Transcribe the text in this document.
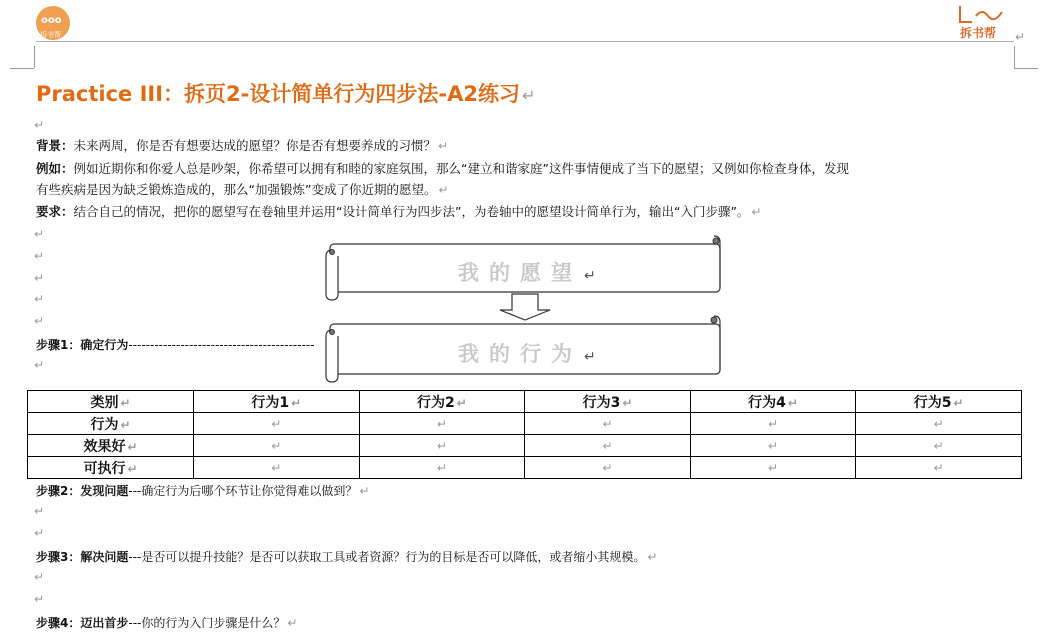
ooo
拆书帮	拆书帮 ↵
Practice III：拆页2-设计简单行为四步法-A2练习 ↵
↵
背景：未来两周，你是否有想要达成的愿望？你是否有想要养成的习惯？ ↵
例如：例如近期你和你爱人总是吵架，你希望可以拥有和睦的家庭氛围，那么“建立和谐家庭”这件事情便成了当下的愿望；又例如你检查身体，发现
有些疾病是因为缺乏锻炼造成的，那么“加强锻炼”变成了你近期的愿望。 ↵
要求：结合自己的情况，把你的愿望写在卷轴里并运用“设计简单行为四步法”，为卷轴中的愿望设计简单行为，输出“入门步骤”。 ↵
↵
↵
↵
↵
↵
我的愿望 ↵
我的行为 ↵
步骤1：确定行为-------------------------------------------
↵
类别 ↵	行为1 ↵	行为2 ↵	行为3 ↵	行为4 ↵	行为5 ↵
行为 ↵	↵	↵	↵	↵	↵
效果好 ↵	↵	↵	↵	↵	↵
可执行 ↵	↵	↵	↵	↵	↵
步骤2：发现问题---确定行为后哪个环节让你觉得难以做到？ ↵
↵
↵
步骤3：解决问题---是否可以提升技能？是否可以获取工具或者资源？行为的目标是否可以降低，或者缩小其规模。 ↵
↵
↵
步骤4：迈出首步---你的行为入门步骤是什么？ ↵
